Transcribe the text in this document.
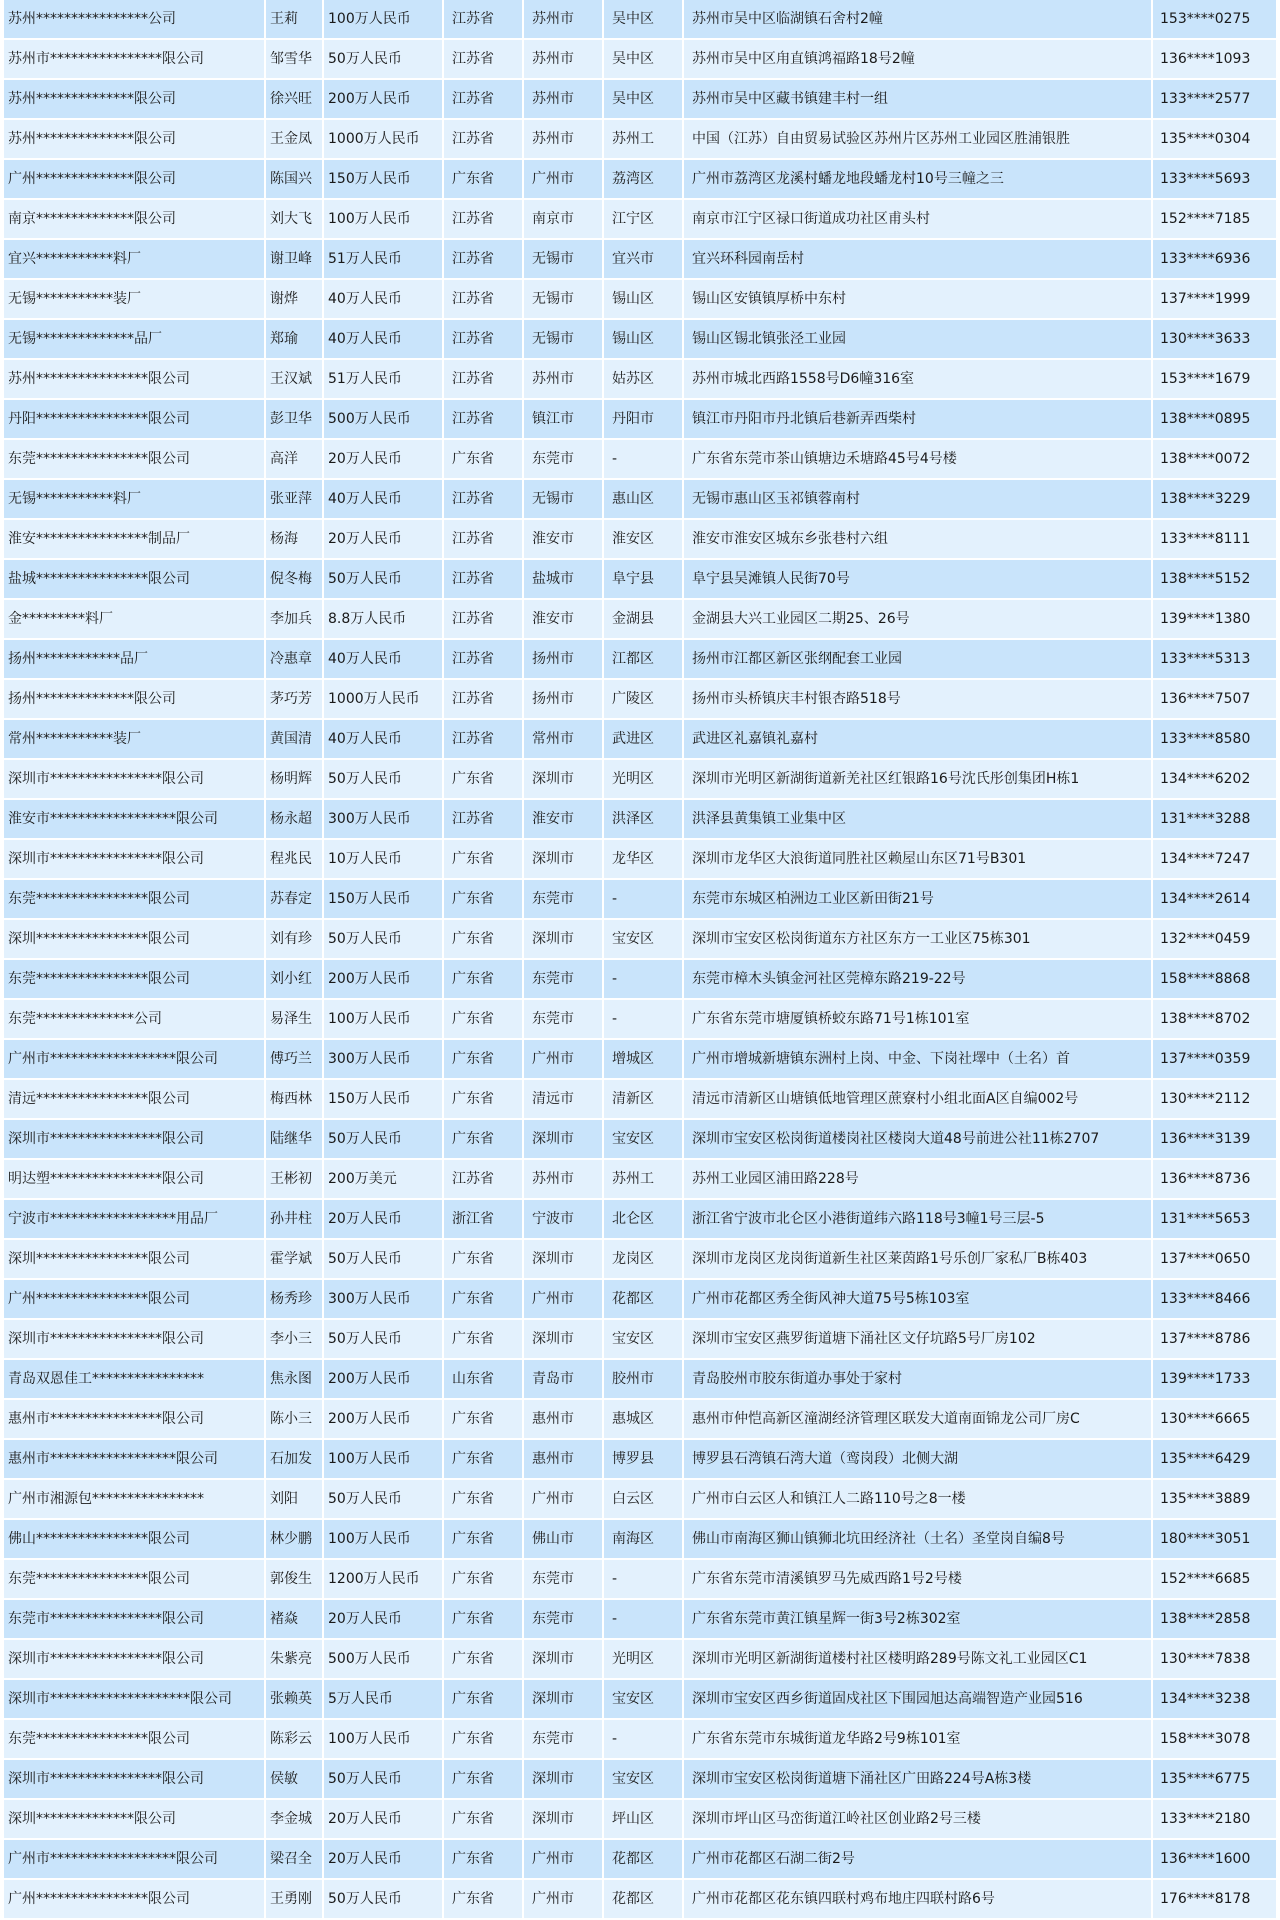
苏州****************公司	王莉	100万人民币	江苏省	苏州市	吴中区	苏州市吴中区临湖镇石舍村2幢	153****0275
苏州市****************限公司	邹雪华	50万人民币	江苏省	苏州市	吴中区	苏州市吴中区甪直镇鸿福路18号2幢	136****1093
苏州**************限公司	徐兴旺	200万人民币	江苏省	苏州市	吴中区	苏州市吴中区藏书镇建丰村一组	133****2577
苏州**************限公司	王金凤	1000万人民币	江苏省	苏州市	苏州工	中国（江苏）自由贸易试验区苏州片区苏州工业园区胜浦银胜	135****0304
广州**************限公司	陈国兴	150万人民币	广东省	广州市	荔湾区	广州市荔湾区龙溪村蟠龙地段蟠龙村10号三幢之三	133****5693
南京**************限公司	刘大飞	100万人民币	江苏省	南京市	江宁区	南京市江宁区禄口街道成功社区甫头村	152****7185
宜兴***********料厂	谢卫峰	51万人民币	江苏省	无锡市	宜兴市	宜兴环科园南岳村	133****6936
无锡***********装厂	谢烨	40万人民币	江苏省	无锡市	锡山区	锡山区安镇镇厚桥中东村	137****1999
无锡**************品厂	郑瑜	40万人民币	江苏省	无锡市	锡山区	锡山区锡北镇张泾工业园	130****3633
苏州****************限公司	王汉斌	51万人民币	江苏省	苏州市	姑苏区	苏州市城北西路1558号D6幢316室	153****1679
丹阳****************限公司	彭卫华	500万人民币	江苏省	镇江市	丹阳市	镇江市丹阳市丹北镇后巷新弄西柴村	138****0895
东莞****************限公司	高洋	20万人民币	广东省	东莞市	-	广东省东莞市茶山镇塘边禾塘路45号4号楼	138****0072
无锡***********料厂	张亚萍	40万人民币	江苏省	无锡市	惠山区	无锡市惠山区玉祁镇蓉南村	138****3229
淮安****************制品厂	杨海	20万人民币	江苏省	淮安市	淮安区	淮安市淮安区城东乡张巷村六组	133****8111
盐城****************限公司	倪冬梅	50万人民币	江苏省	盐城市	阜宁县	阜宁县吴滩镇人民街70号	138****5152
金*********料厂	李加兵	8.8万人民币	江苏省	淮安市	金湖县	金湖县大兴工业园区二期25、26号	139****1380
扬州************品厂	冷惠章	40万人民币	江苏省	扬州市	江都区	扬州市江都区新区张纲配套工业园	133****5313
扬州**************限公司	茅巧芳	1000万人民币	江苏省	扬州市	广陵区	扬州市头桥镇庆丰村银杏路518号	136****7507
常州***********装厂	黄国清	40万人民币	江苏省	常州市	武进区	武进区礼嘉镇礼嘉村	133****8580
深圳市****************限公司	杨明辉	50万人民币	广东省	深圳市	光明区	深圳市光明区新湖街道新羌社区红银路16号沈氏彤创集团H栋1	134****6202
淮安市******************限公司	杨永超	300万人民币	江苏省	淮安市	洪泽区	洪泽县黄集镇工业集中区	131****3288
深圳市****************限公司	程兆民	10万人民币	广东省	深圳市	龙华区	深圳市龙华区大浪街道同胜社区赖屋山东区71号B301	134****7247
东莞****************限公司	苏春定	150万人民币	广东省	东莞市	-	东莞市东城区柏洲边工业区新田街21号	134****2614
深圳****************限公司	刘有珍	50万人民币	广东省	深圳市	宝安区	深圳市宝安区松岗街道东方社区东方一工业区75栋301	132****0459
东莞****************限公司	刘小红	200万人民币	广东省	东莞市	-	东莞市樟木头镇金河社区莞樟东路219-22号	158****8868
东莞**************公司	易泽生	100万人民币	广东省	东莞市	-	广东省东莞市塘厦镇桥蛟东路71号1栋101室	138****8702
广州市******************限公司	傅巧兰	300万人民币	广东省	广州市	增城区	广州市增城新塘镇东洲村上岗、中金、下岗社墿中（土名）首	137****0359
清远****************限公司	梅西林	150万人民币	广东省	清远市	清新区	清远市清新区山塘镇低地管理区蔗寮村小组北面A区自编002号	130****2112
深圳市****************限公司	陆继华	50万人民币	广东省	深圳市	宝安区	深圳市宝安区松岗街道楼岗社区楼岗大道48号前进公社11栋2707	136****3139
明达塑****************限公司	王彬初	200万美元	江苏省	苏州市	苏州工	苏州工业园区浦田路228号	136****8736
宁波市******************用品厂	孙井柱	20万人民币	浙江省	宁波市	北仑区	浙江省宁波市北仑区小港街道纬六路118号3幢1号三层-5	131****5653
深圳****************限公司	霍学斌	50万人民币	广东省	深圳市	龙岗区	深圳市龙岗区龙岗街道新生社区莱茵路1号乐创厂家私厂B栋403	137****0650
广州****************限公司	杨秀珍	300万人民币	广东省	广州市	花都区	广州市花都区秀全街风神大道75号5栋103室	133****8466
深圳市****************限公司	李小三	50万人民币	广东省	深圳市	宝安区	深圳市宝安区燕罗街道塘下涌社区文仔坑路5号厂房102	137****8786
青岛双恩佳工****************	焦永图	200万人民币	山东省	青岛市	胶州市	青岛胶州市胶东街道办事处于家村	139****1733
惠州市****************限公司	陈小三	200万人民币	广东省	惠州市	惠城区	惠州市仲恺高新区潼湖经济管理区联发大道南面锦龙公司厂房C	130****6665
惠州市******************限公司	石加发	100万人民币	广东省	惠州市	博罗县	博罗县石湾镇石湾大道（鸾岗段）北侧大湖	135****6429
广州市湘源包****************	刘阳	50万人民币	广东省	广州市	白云区	广州市白云区人和镇江人二路110号之8一楼	135****3889
佛山****************限公司	林少鹏	100万人民币	广东省	佛山市	南海区	佛山市南海区狮山镇狮北坑田经济社（土名）圣堂岗自编8号	180****3051
东莞****************限公司	郭俊生	1200万人民币	广东省	东莞市	-	广东省东莞市清溪镇罗马先威西路1号2号楼	152****6685
东莞市****************限公司	褚焱	20万人民币	广东省	东莞市	-	广东省东莞市黄江镇星辉一街3号2栋302室	138****2858
深圳市****************限公司	朱紫亮	500万人民币	广东省	深圳市	光明区	深圳市光明区新湖街道楼村社区楼明路289号陈文礼工业园区C1	130****7838
深圳市********************限公司	张赖英	5万人民币	广东省	深圳市	宝安区	深圳市宝安区西乡街道固戍社区下围园旭达高端智造产业园516	134****3238
东莞****************限公司	陈彩云	100万人民币	广东省	东莞市	-	广东省东莞市东城街道龙华路2号9栋101室	158****3078
深圳市****************限公司	侯敏	50万人民币	广东省	深圳市	宝安区	深圳市宝安区松岗街道塘下涌社区广田路224号A栋3楼	135****6775
深圳**************限公司	李金城	20万人民币	广东省	深圳市	坪山区	深圳市坪山区马峦街道江岭社区创业路2号三楼	133****2180
广州市******************限公司	梁召全	20万人民币	广东省	广州市	花都区	广州市花都区石湖二街2号	136****1600
广州****************限公司	王勇刚	50万人民币	广东省	广州市	花都区	广州市花都区花东镇四联村鸡布地庄四联村路6号	176****8178
